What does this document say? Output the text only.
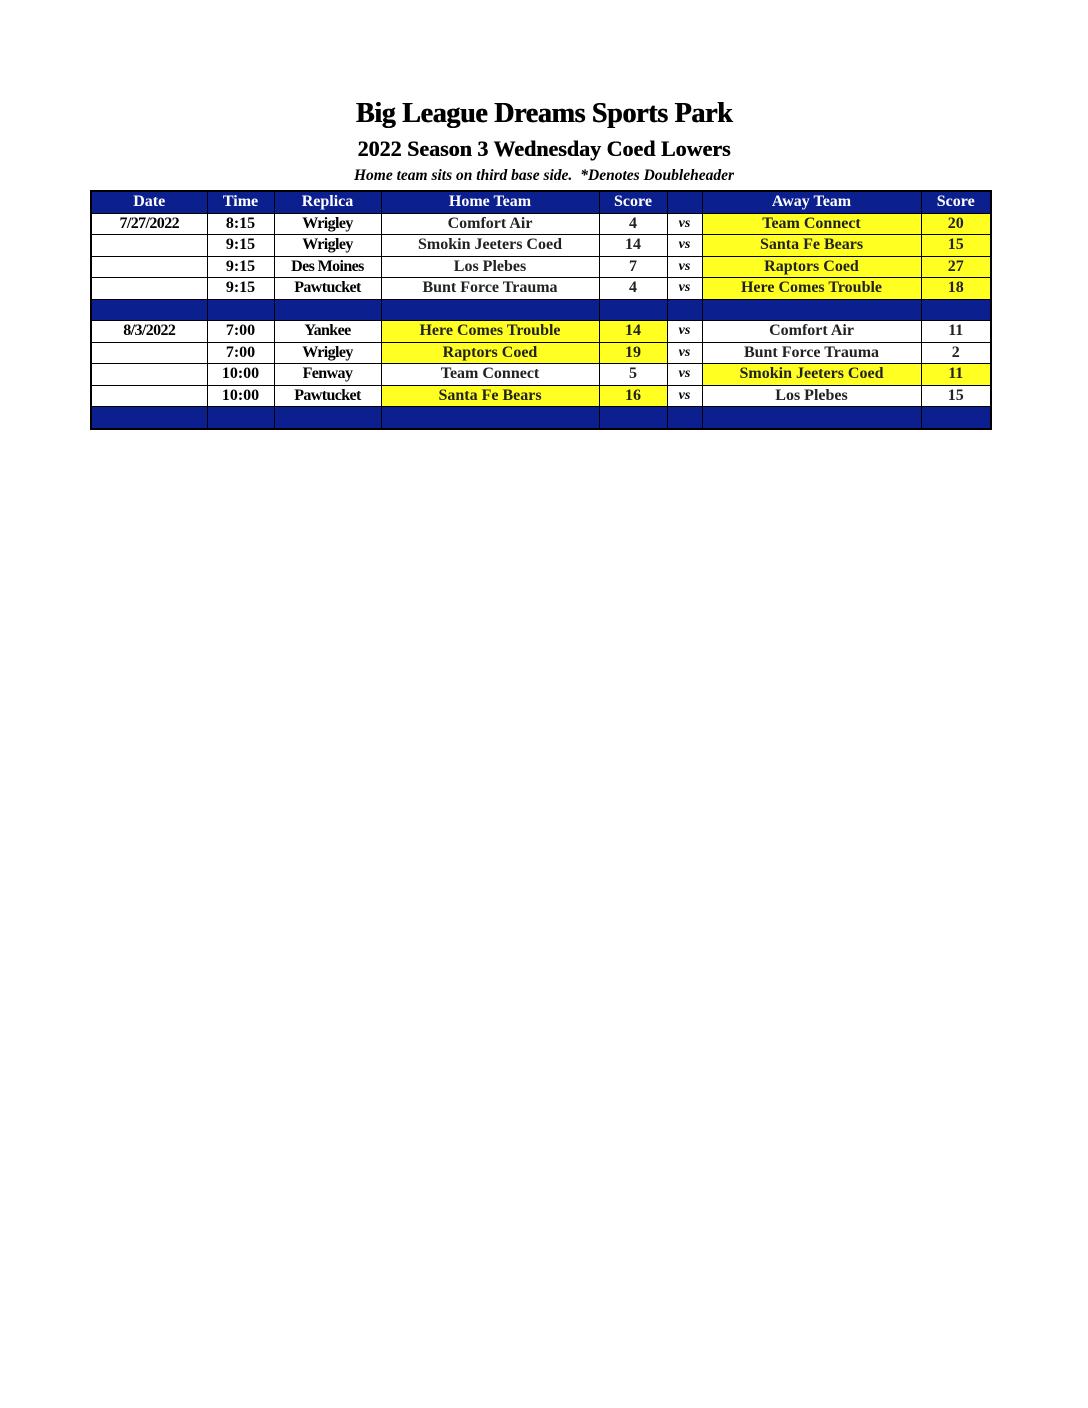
Big League Dreams Sports Park
2022 Season 3 Wednesday Coed Lowers
Home team sits on third base side. *Denotes Doubleheader
Date	Time	Replica	Home Team	Score		Away Team	Score
7/27/2022	8:15	Wrigley	Comfort Air	4	vs	Team Connect	20
	9:15	Wrigley	Smokin Jeeters Coed	14	vs	Santa Fe Bears	15
	9:15	Des Moines	Los Plebes	7	vs	Raptors Coed	27
	9:15	Pawtucket	Bunt Force Trauma	4	vs	Here Comes Trouble	18

8/3/2022	7:00	Yankee	Here Comes Trouble	14	vs	Comfort Air	11
	7:00	Wrigley	Raptors Coed	19	vs	Bunt Force Trauma	2
	10:00	Fenway	Team Connect	5	vs	Smokin Jeeters Coed	11
	10:00	Pawtucket	Santa Fe Bears	16	vs	Los Plebes	15
